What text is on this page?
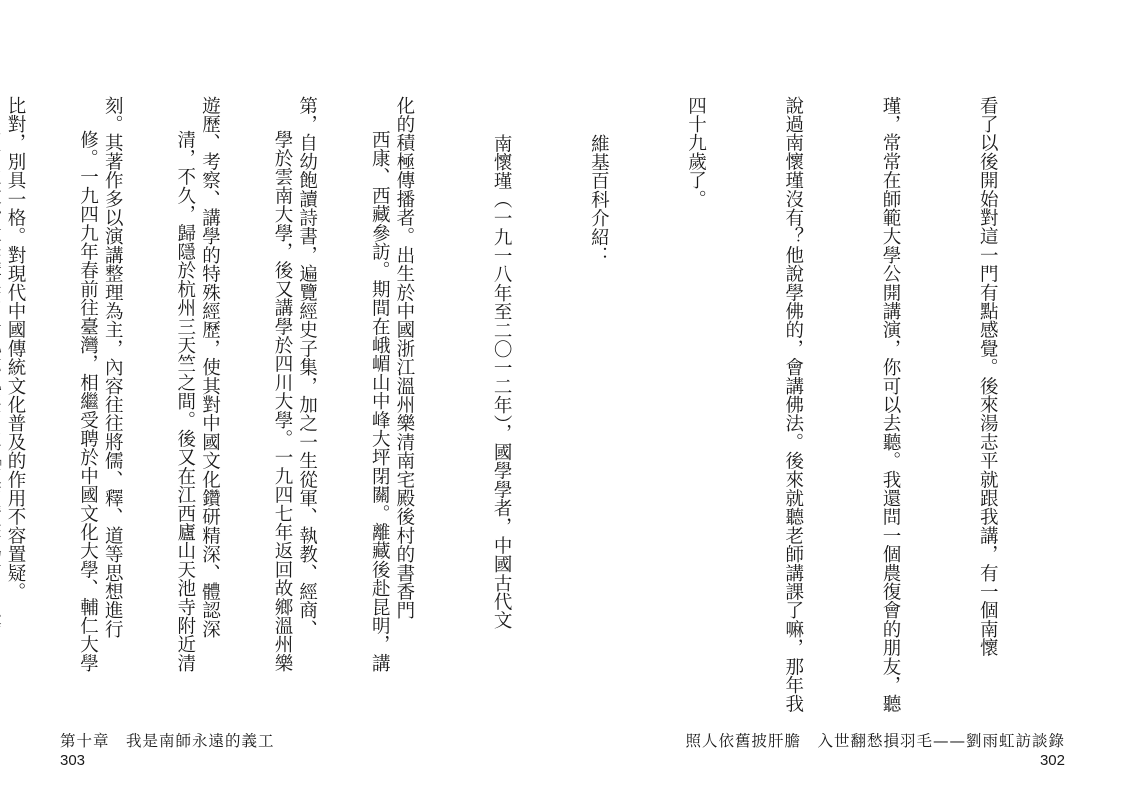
看了以後開始對這一門有點感覺。後來湯志平就跟我講，有一個南懷

瑾，常常在師範大學公開講演，你可以去聽。我還問一個農復會的朋友，聽

說過南懷瑾沒有？他說學佛的，會講佛法。後來就聽老師講課了嘛，那年我

四十九歲了。

維基百科介紹：

南懷瑾（一九一八年至二〇一二年），國學學者，中國古代文

化的積極傳播者。出生於中國浙江溫州樂清南宅殿後村的書香門

第，自幼飽讀詩書，遍覽經史子集，加之一生從軍、執教、經商、

遊歷、考察、講學的特殊經歷，使其對中國文化鑽研精深、體認深

刻。其著作多以演講整理為主，內容往往將儒、釋、道等思想進行

比對，別具一格。對現代中國傳統文化普及的作用不容置疑。

照人依舊披肝膽　入世翻愁損羽毛——劉雨虹訪談錄
302

西康、西藏參訪。期間在峨嵋山中峰大坪閉關。離藏後赴昆明，講

學於雲南大學，後又講學於四川大學。一九四七年返回故鄉溫州樂

清，不久，歸隱於杭州三天竺之間。後又在江西廬山天池寺附近清

修。一九四九年春前往臺灣，相繼受聘於中國文化大學、輔仁大學

第十章　我是南師永遠的義工
303
